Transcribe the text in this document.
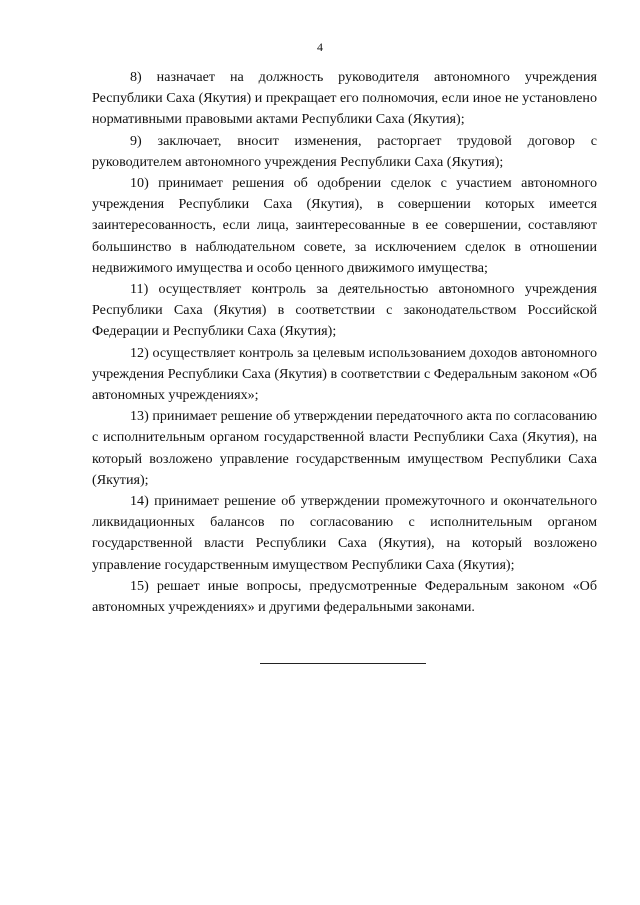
4

8) назначает на должность руководителя автономного учреждения Республики Саха (Якутия) и прекращает его полномочия, если иное не установлено нормативными правовыми актами Республики Саха (Якутия);

9) заключает, вносит изменения, расторгает трудовой договор с руководителем автономного учреждения Республики Саха (Якутия);

10) принимает решения об одобрении сделок с участием автономного учреждения Республики Саха (Якутия), в совершении которых имеется заинтересованность, если лица, заинтересованные в ее совершении, составляют большинство в наблюдательном совете, за исключением сделок в отношении недвижимого имущества и особо ценного движимого имущества;

11) осуществляет контроль за деятельностью автономного учреждения Республики Саха (Якутия) в соответствии с законодательством Российской Федерации и Республики Саха (Якутия);

12) осуществляет контроль за целевым использованием доходов автономного учреждения Республики Саха (Якутия) в соответствии с Федеральным законом «Об автономных учреждениях»;

13) принимает решение об утверждении передаточного акта по согласованию с исполнительным органом государственной власти Республики Саха (Якутия), на который возложено управление государственным имуществом Республики Саха (Якутия);

14) принимает решение об утверждении промежуточного и окончательного ликвидационных балансов по согласованию с исполнительным органом государственной власти Республики Саха (Якутия), на который возложено управление государственным имуществом Республики Саха (Якутия);

15) решает иные вопросы, предусмотренные Федеральным законом «Об автономных учреждениях» и другими федеральными законами.
